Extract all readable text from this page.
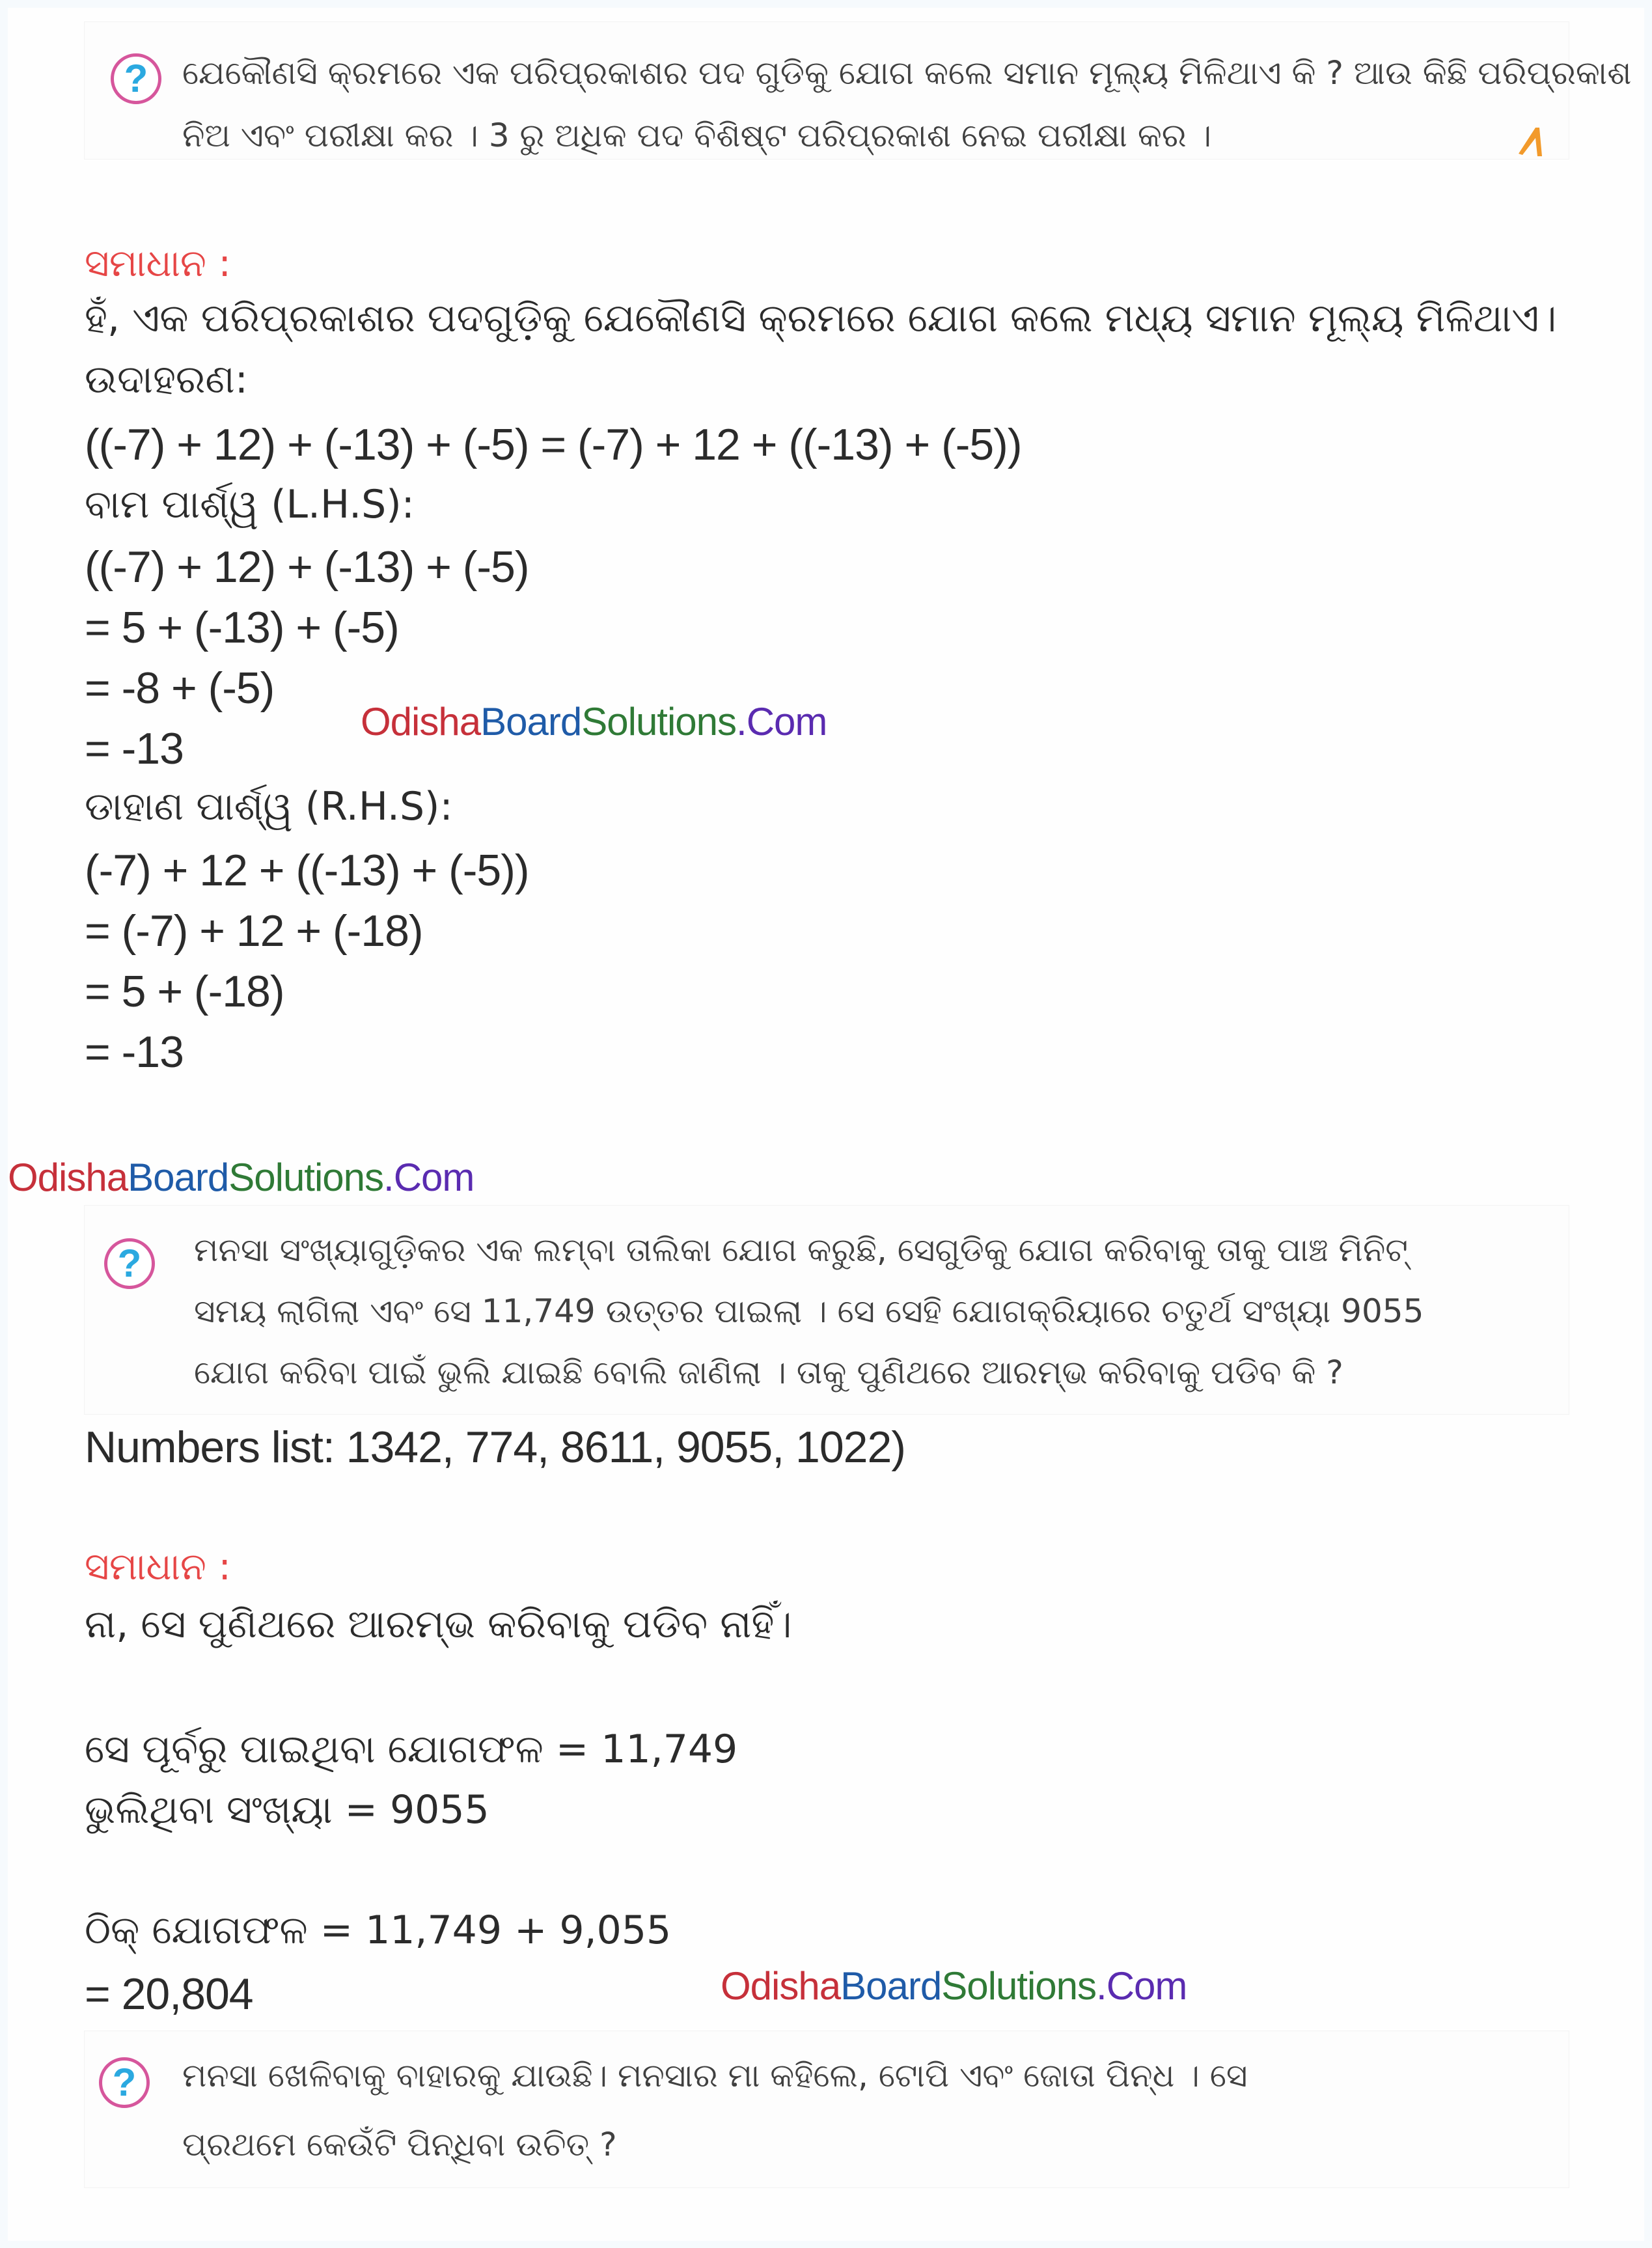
? ଯେକୌଣସି କ୍ରମରେ ଏକ ପରିପ୍ରକାଶର ପଦ ଗୁଡିକୁ ଯୋଗ କଲେ ସମାନ ମୂଲ୍ୟ ମିଳିଥାଏ କି ? ଆଉ କିଛି ପରିପ୍ରକାଶ
ନିଅ ଏବଂ ପରୀକ୍ଷା କର । 3 ରୁ ଅଧିକ ପଦ ବିଶିଷ୍ଟ ପରିପ୍ରକାଶ ନେଇ ପରୀକ୍ଷା କର ।
ସମାଧାନ :
ହଁ, ଏକ ପରିପ୍ରକାଶର ପଦଗୁଡ଼ିକୁ ଯେକୌଣସି କ୍ରମରେ ଯୋଗ କଲେ ମଧ୍ୟ ସମାନ ମୂଲ୍ୟ ମିଳିଥାଏ।
ଉଦାହରଣ:
((-7) + 12) + (-13) + (-5) = (-7) + 12 + ((-13) + (-5))
ବାମ ପାର୍ଶ୍ୱ (L.H.S):
((-7) + 12) + (-13) + (-5)
= 5 + (-13) + (-5)
= -8 + (-5)
= -13
OdishaBoardSolutions.Com
ଡାହାଣ ପାର୍ଶ୍ୱ (R.H.S):
(-7) + 12 + ((-13) + (-5))
= (-7) + 12 + (-18)
= 5 + (-18)
= -13
OdishaBoardSolutions.Com
? ମନସା ସଂଖ୍ୟାଗୁଡ଼ିକର ଏକ ଲମ୍ବା ତାଲିକା ଯୋଗ କରୁଛି, ସେଗୁଡିକୁ ଯୋଗ କରିବାକୁ ତାକୁ ପାଞ୍ଚ ମିନିଟ୍
ସମୟ ଲାଗିଲା ଏବଂ ସେ 11,749 ଉତ୍ତର ପାଇଲା । ସେ ସେହି ଯୋଗକ୍ରିୟାରେ ଚତୁର୍ଥ ସଂଖ୍ୟା 9055
ଯୋଗ କରିବା ପାଇଁ ଭୁଲି ଯାଇଛି ବୋଲି ଜାଣିଲା । ତାକୁ ପୁଣିଥରେ ଆରମ୍ଭ କରିବାକୁ ପଡିବ କି ?
Numbers list: 1342, 774, 8611, 9055, 1022)
ସମାଧାନ :
ନା, ସେ ପୁଣିଥରେ ଆରମ୍ଭ କରିବାକୁ ପଡିବ ନାହିଁ।
ସେ ପୂର୍ବରୁ ପାଇଥିବା ଯୋଗଫଳ = 11,749
ଭୁଲିଥିବା ସଂଖ୍ୟା = 9055
ଠିକ୍ ଯୋଗଫଳ = 11,749 + 9,055
= 20,804	OdishaBoardSolutions.Com
? ମନସା ଖେଳିବାକୁ ବାହାରକୁ ଯାଉଛି। ମନସାର ମା କହିଲେ, ଟୋପି ଏବଂ ଜୋତା ପିନ୍ଧ । ସେ
ପ୍ରଥମେ କେଉଁଟି ପିନ୍ଧିବା ଉଚିତ୍ ?
